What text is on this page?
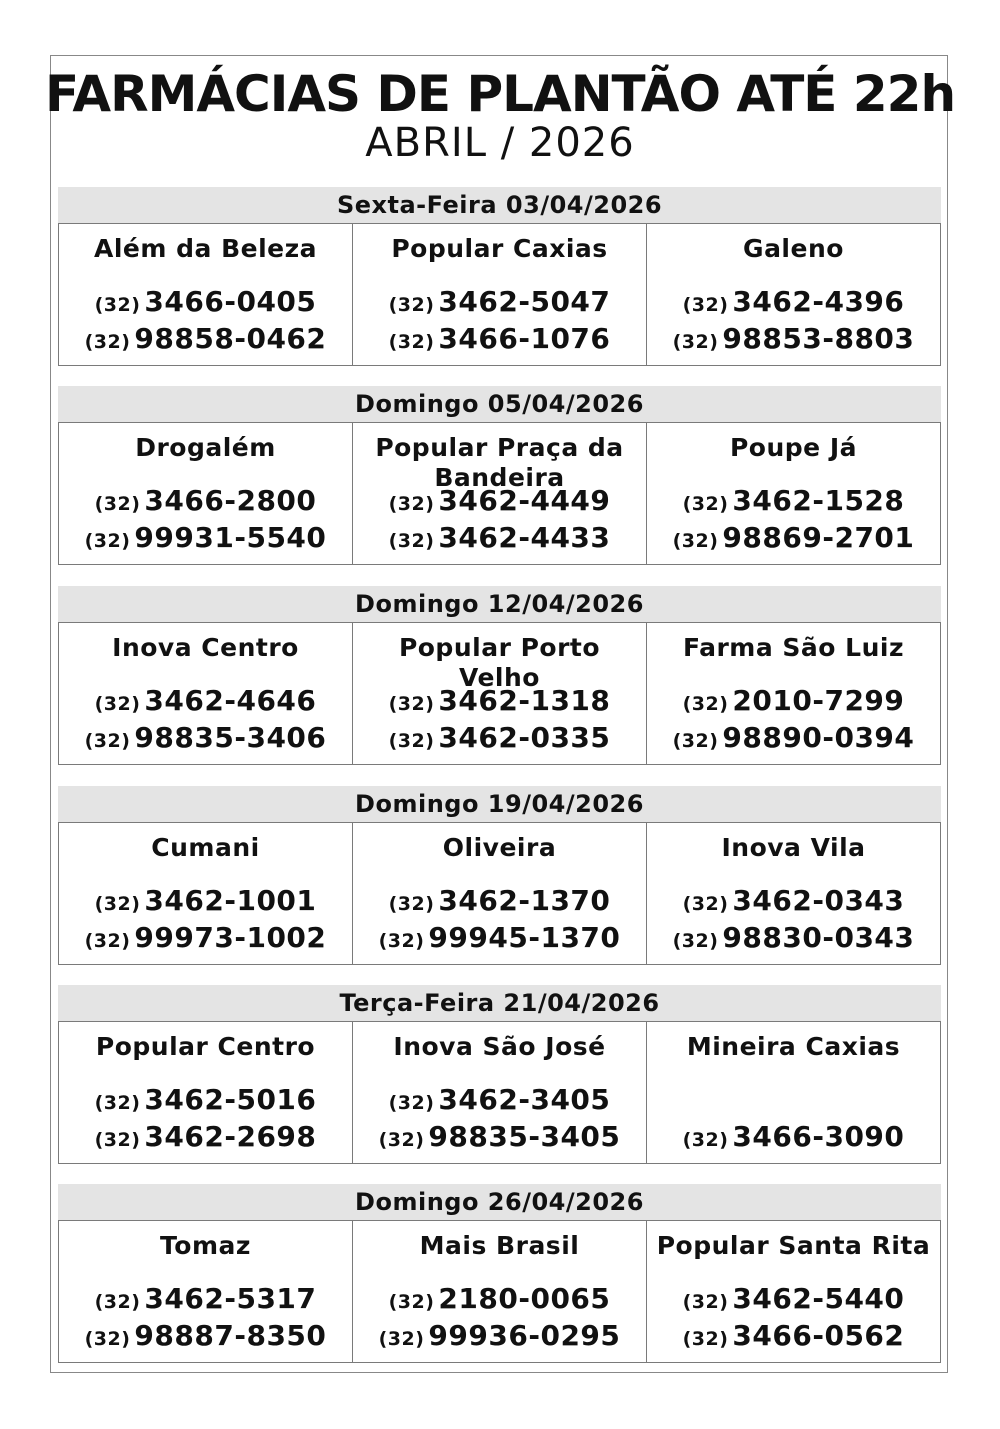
FARMÁCIAS DE PLANTÃO ATÉ 22h
ABRIL / 2026
Sexta-Feira 03/04/2026
Além da Beleza
(32) 3466-0405
(32) 98858-0462
Popular Caxias
(32) 3462-5047
(32) 3466-1076
Galeno
(32) 3462-4396
(32) 98853-8803
Domingo 05/04/2026
Drogalém
(32) 3466-2800
(32) 99931-5540
Popular Praça da Bandeira
(32) 3462-4449
(32) 3462-4433
Poupe Já
(32) 3462-1528
(32) 98869-2701
Domingo 12/04/2026
Inova Centro
(32) 3462-4646
(32) 98835-3406
Popular Porto Velho
(32) 3462-1318
(32) 3462-0335
Farma São Luiz
(32) 2010-7299
(32) 98890-0394
Domingo 19/04/2026
Cumani
(32) 3462-1001
(32) 99973-1002
Oliveira
(32) 3462-1370
(32) 99945-1370
Inova Vila
(32) 3462-0343
(32) 98830-0343
Terça-Feira 21/04/2026
Popular Centro
(32) 3462-5016
(32) 3462-2698
Inova São José
(32) 3462-3405
(32) 98835-3405
Mineira Caxias
(32) 3466-3090
Domingo 26/04/2026
Tomaz
(32) 3462-5317
(32) 98887-8350
Mais Brasil
(32) 2180-0065
(32) 99936-0295
Popular Santa Rita
(32) 3462-5440
(32) 3466-0562
